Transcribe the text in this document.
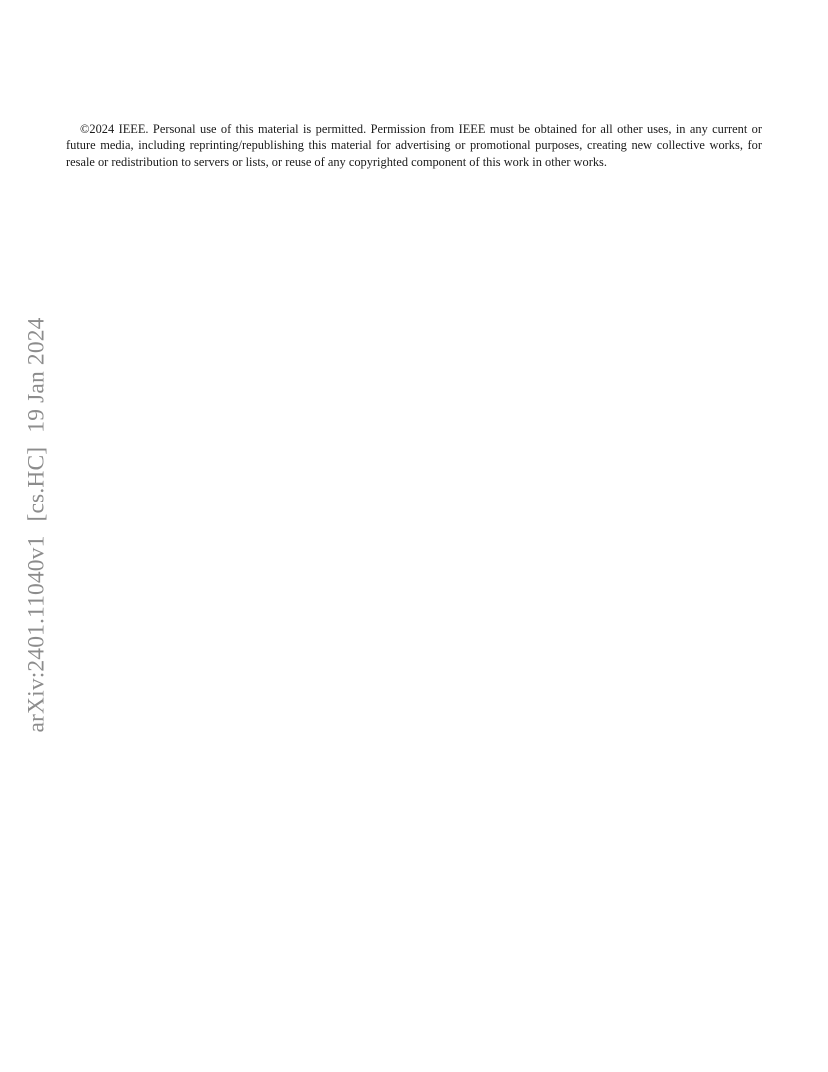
©2024 IEEE. Personal use of this material is permitted. Permission from IEEE must be obtained for all other uses, in any current or future media, including reprinting/republishing this material for advertising or promotional purposes, creating new collective works, for resale or redistribution to servers or lists, or reuse of any copyrighted component of this work in other works.

arXiv:2401.11040v1[cs.HC]19 Jan 2024
